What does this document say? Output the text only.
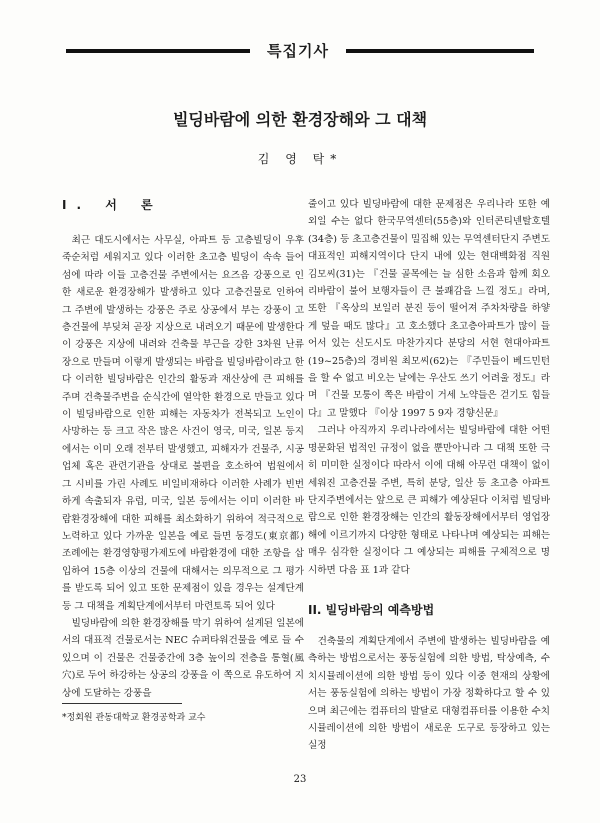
특집기사
빌딩바람에 의한 환경장해와 그 대책
김 영 탁*
I. 서 론

최근 대도시에서는 사무실, 아파트 등 고층빌딩이 우후죽순처럼 세워지고 있다 이러한 초고층 빌딩이 속속 들어섬에 따라 이들 고층건물 주변에서는 요즈음 강풍으로 인한 새로운 환경장해가 발생하고 있다 고층건물로 인하여 그 주변에 발생하는 강풍은 주로 상공에서 부는 강풍이 고층건물에 부딪쳐 곧장 지상으로 내려오기 때문에 발생한다 이 강풍은 지상에 내려와 건축물 부근을 강한 3차원 난류장으로 만들며 이렇게 발생되는 바람을 빌딩바람이라고 한다 이러한 빌딩바람은 인간의 활동과 재산상에 큰 피해를 주며 건축물주변을 순식간에 열악한 환경으로 만들고 있다 이 빌딩바람으로 인한 피해는 자동차가 전복되고 노인이 사망하는 등 크고 작은 많은 사건이 영국, 미국, 일본 등지에서는 이미 오래 전부터 발생했고, 피해자가 건물주, 시공업체 혹은 관련기관을 상대로 불편을 호소하여 법원에서 그 시비를 가린 사례도 비일비재하다 이러한 사례가 빈번하게 속출되자 유럽, 미국, 일본 등에서는 이미 이러한 바람환경장해에 대한 피해를 최소화하기 위하여 적극적으로 노력하고 있다 가까운 일본을 예로 들면 동경도(東京都) 조례에는 환경영향평가제도에 바람환경에 대한 조항을 삽입하여 15층 이상의 건물에 대해서는 의무적으로 그 평가를 받도록 되어 있고 또한 문제점이 있을 경우는 설계단계 등 그 대책을 계획단계에서부터 마련토록 되어 있다

빌딩바람에 의한 환경장해를 막기 위하여 설계된 일본에서의 대표적 건물로서는 NEC 슈퍼타워건물을 예로 들 수 있으며 이 건물은 건물중간에 3층 높이의 전층을 통혈(風穴)로 두어 하강하는 상공의 강풍을 이 쪽으로 유도하여 지상에 도달하는 강풍을

줄이고 있다 빌딩바람에 대한 문제점은 우리나라 또한 예외일 수는 없다 한국무역센터(55층)와 인터콘티넨탈호텔(34층) 등 초고층건물이 밀집해 있는 무역센터단지 주변도 대표적인 피해지역이다 단지 내에 있는 현대백화점 직원 김모씨(31)는 『건물 골목에는 늘 심한 소음과 함께 회오리바람이 불어 보행자들이 큰 불쾌감을 느낄 정도』라며, 또한 『옥상의 보일러 분진 등이 떨어져 주차차량을 하얗게 덮을 때도 많다』고 호소했다 초고층아파트가 많이 들어서 있는 신도시도 마찬가지다 분당의 서현 현대아파트(19~25층)의 경비원 최모씨(62)는 『주민들이 베드민턴을 할 수 없고 비오는 날에는 우산도 쓰기 어려울 정도』라며 『건물 모퉁이 쪽은 바람이 거세 노약들은 걷기도 힘들다』고 말했다 『이상 1997 5 9자 경향신문』

그러나 아직까지 우리나라에서는 빌딩바람에 대한 어떤 명문화된 법적인 규정이 없을 뿐만아니라 그 대책 또한 극히 미미한 실정이다 따라서 이에 대해 아무런 대책이 없이 세워진 고층건물 주변, 특히 분당, 일산 등 초고층 아파트 단지주변에서는 앞으로 큰 피해가 예상된다 이처럼 빌딩바람으로 인한 환경장해는 인간의 활동장해에서부터 영업장해에 이르기까지 다양한 형태로 나타나며 예상되는 피해는 매우 심각한 실정이다 그 예상되는 피해를 구체적으로 명시하면 다음 표 1과 같다

II. 빌딩바람의 예측방법

건축물의 계획단계에서 주변에 발생하는 빌딩바람을 예측하는 방법으로서는 풍동실험에 의한 방법, 탁상예측, 수치시뮬레이션에 의한 방법 등이 있다 이중 현재의 상황에서는 풍동실험에 의하는 방법이 가장 정확하다고 할 수 있으며 최근에는 컴퓨터의 발달로 대형컴퓨터를 이용한 수치시뮬레이션에 의한 방법이 새로운 도구로 등장하고 있는 실정

*정회원 관동대학교 환경공학과 교수
23
